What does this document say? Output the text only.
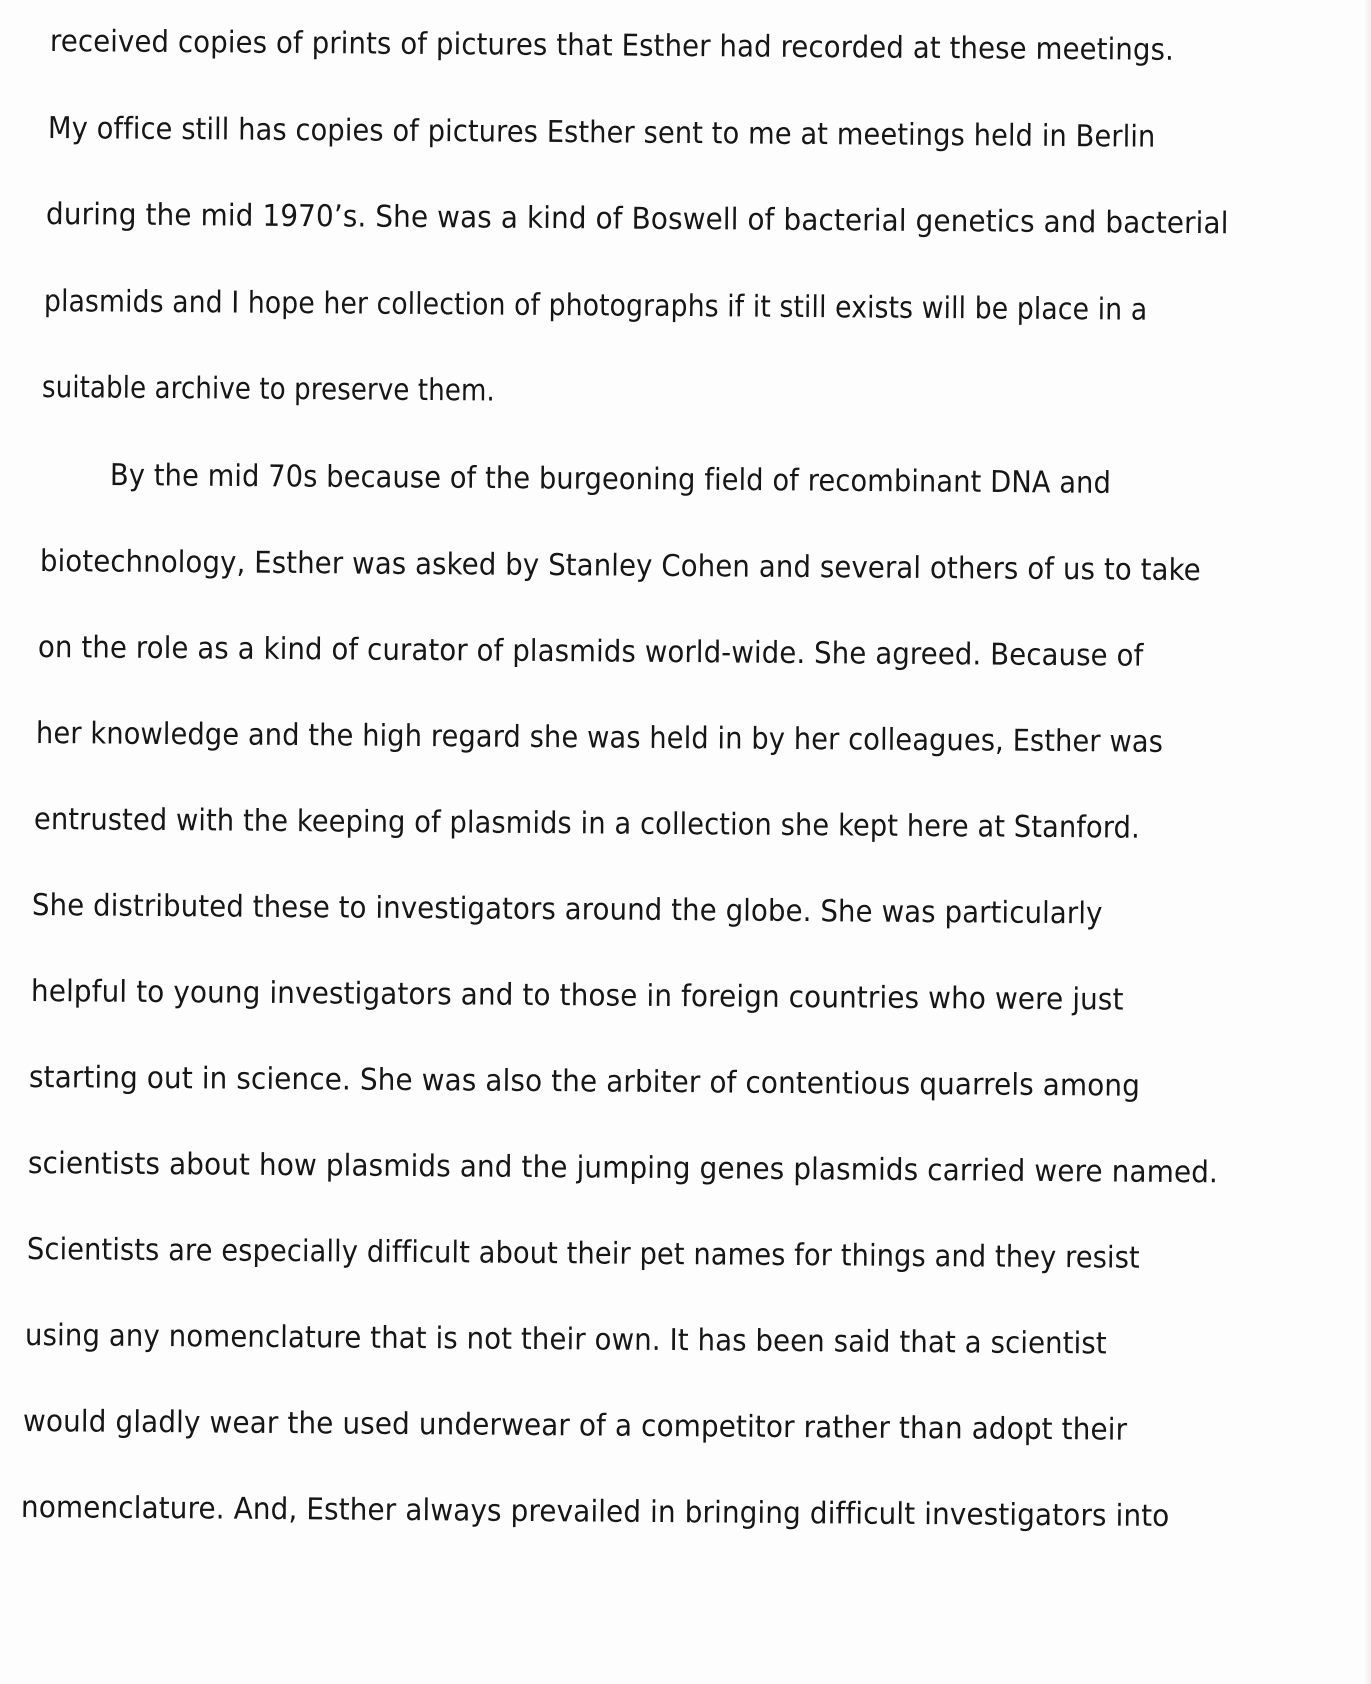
received copies of prints of pictures that Esther had recorded at these meetings.

My office still has copies of pictures Esther sent to me at meetings held in Berlin

during the mid 1970’s. She was a kind of Boswell of bacterial genetics and bacterial

plasmids and I hope her collection of photographs if it still exists will be place in a

suitable archive to preserve them.

By the mid 70s because of the burgeoning field of recombinant DNA and

biotechnology, Esther was asked by Stanley Cohen and several others of us to take

on the role as a kind of curator of plasmids world-wide. She agreed. Because of

her knowledge and the high regard she was held in by her colleagues, Esther was

entrusted with the keeping of plasmids in a collection she kept here at Stanford.

She distributed these to investigators around the globe. She was particularly

helpful to young investigators and to those in foreign countries who were just

starting out in science. She was also the arbiter of contentious quarrels among

scientists about how plasmids and the jumping genes plasmids carried were named.

Scientists are especially difficult about their pet names for things and they resist

using any nomenclature that is not their own. It has been said that a scientist

would gladly wear the used underwear of a competitor rather than adopt their

nomenclature. And, Esther always prevailed in bringing difficult investigators into
